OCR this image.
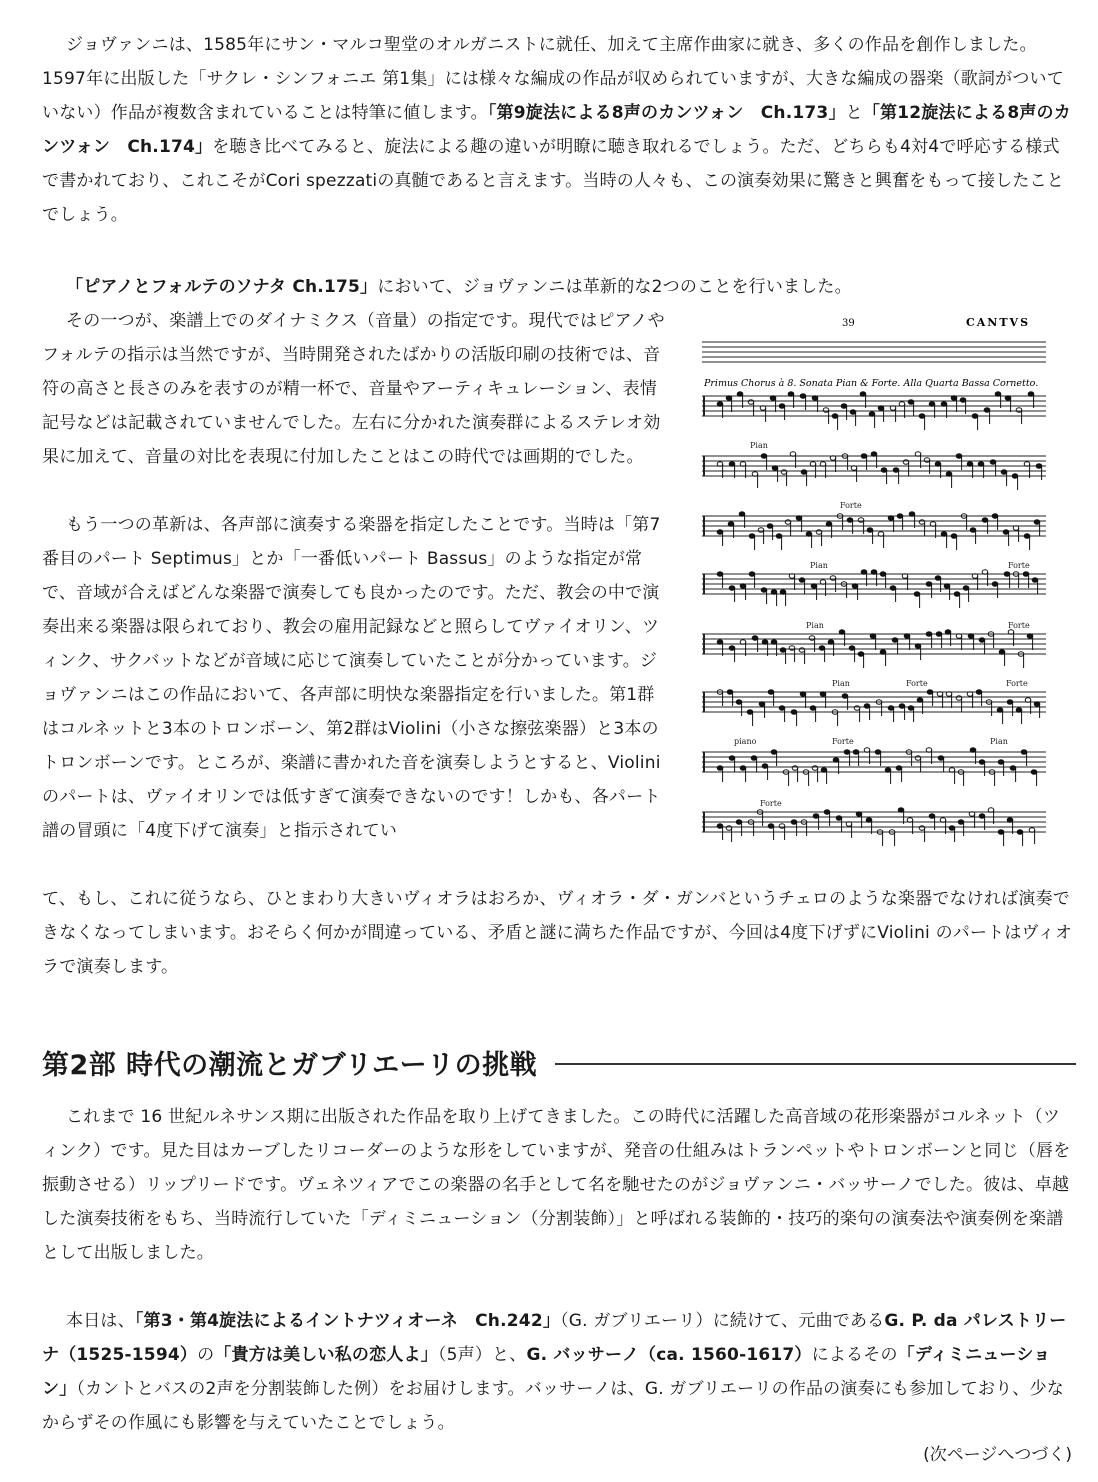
ジョヴァンニは、1585年にサン・マルコ聖堂のオルガニストに就任、加えて主席作曲家に就き、多くの作品を創作しました。1597年に出版した「サクレ・シンフォニエ 第1集」には様々な編成の作品が収められていますが、大きな編成の器楽（歌詞がついていない）作品が複数含まれていることは特筆に値します。「第9旋法による8声のカンツォン　Ch.173」と「第12旋法による8声のカンツォン　Ch.174」を聴き比べてみると、旋法による趣の違いが明瞭に聴き取れるでしょう。ただ、どちらも4対4で呼応する様式で書かれており、これこそがCori spezzatiの真髄であると言えます。当時の人々も、この演奏効果に驚きと興奮をもって接したことでしょう。

「ピアノとフォルテのソナタ Ch.175」において、ジョヴァンニは革新的な2つのことを行いました。

その一つが、楽譜上でのダイナミクス（音量）の指定です。現代ではピアノやフォルテの指示は当然ですが、当時開発されたばかりの活版印刷の技術では、音符の高さと長さのみを表すのが精一杯で、音量やアーティキュレーション、表情記号などは記載されていませんでした。左右に分かれた演奏群によるステレオ効果に加えて、音量の対比を表現に付加したことはこの時代では画期的でした。

もう一つの革新は、各声部に演奏する楽器を指定したことです。当時は「第7番目のパート Septimus」とか「一番低いパート Bassus」のような指定が常で、音域が合えばどんな楽器で演奏しても良かったのです。ただ、教会の中で演奏出来る楽器は限られており、教会の雇用記録などと照らしてヴァイオリン、ツィンク、サクバットなどが音域に応じて演奏していたことが分かっています。ジョヴァンニはこの作品において、各声部に明快な楽器指定を行いました。第1群はコルネットと3本のトロンボーン、第2群はViolini（小さな擦弦楽器）と3本のトロンボーンです。ところが、楽譜に書かれた音を演奏しようとすると、Violiniのパートは、ヴァイオリンでは低すぎて演奏できないのです！しかも、各パート譜の冒頭に「4度下げて演奏」と指示されてい

て、もし、これに従うなら、ひとまわり大きいヴィオラはおろか、ヴィオラ・ダ・ガンバというチェロのような楽器でなければ演奏できなくなってしまいます。おそらく何かが間違っている、矛盾と謎に満ちた作品ですが、今回は4度下げずにViolini のパートはヴィオラで演奏します。

39	CANTVS
Primus Chorus à 8. Sonata Pian & Forte. Alla Quarta Bassa Cornetto.
Pian
Forte
Pian	Forte
Pian	Forte
Pian	Forte	Forte
piano	Forte	Pian
Forte
第2部 時代の潮流とガブリエーリの挑戦

これまで 16 世紀ルネサンス期に出版された作品を取り上げてきました。この時代に活躍した高音域の花形楽器がコルネット（ツィンク）です。見た目はカーブしたリコーダーのような形をしていますが、発音の仕組みはトランペットやトロンボーンと同じ（唇を振動させる）リップリードです。ヴェネツィアでこの楽器の名手として名を馳せたのがジョヴァンニ・バッサーノでした。彼は、卓越した演奏技術をもち、当時流行していた「ディミニューション（分割装飾）」と呼ばれる装飾的・技巧的楽句の演奏法や演奏例を楽譜として出版しました。

本日は、「第3・第4旋法によるイントナツィオーネ　Ch.242」（G. ガブリエーリ）に続けて、元曲であるG. P. da パレストリーナ（1525-1594）の「貴方は美しい私の恋人よ」（5声）と、G. バッサーノ（ca. 1560-1617）によるその「ディミニューション」（カントとバスの2声を分割装飾した例）をお届けします。バッサーノは、G. ガブリエーリの作品の演奏にも参加しており、少なからずその作風にも影響を与えていたことでしょう。

(次ページへつづく)
